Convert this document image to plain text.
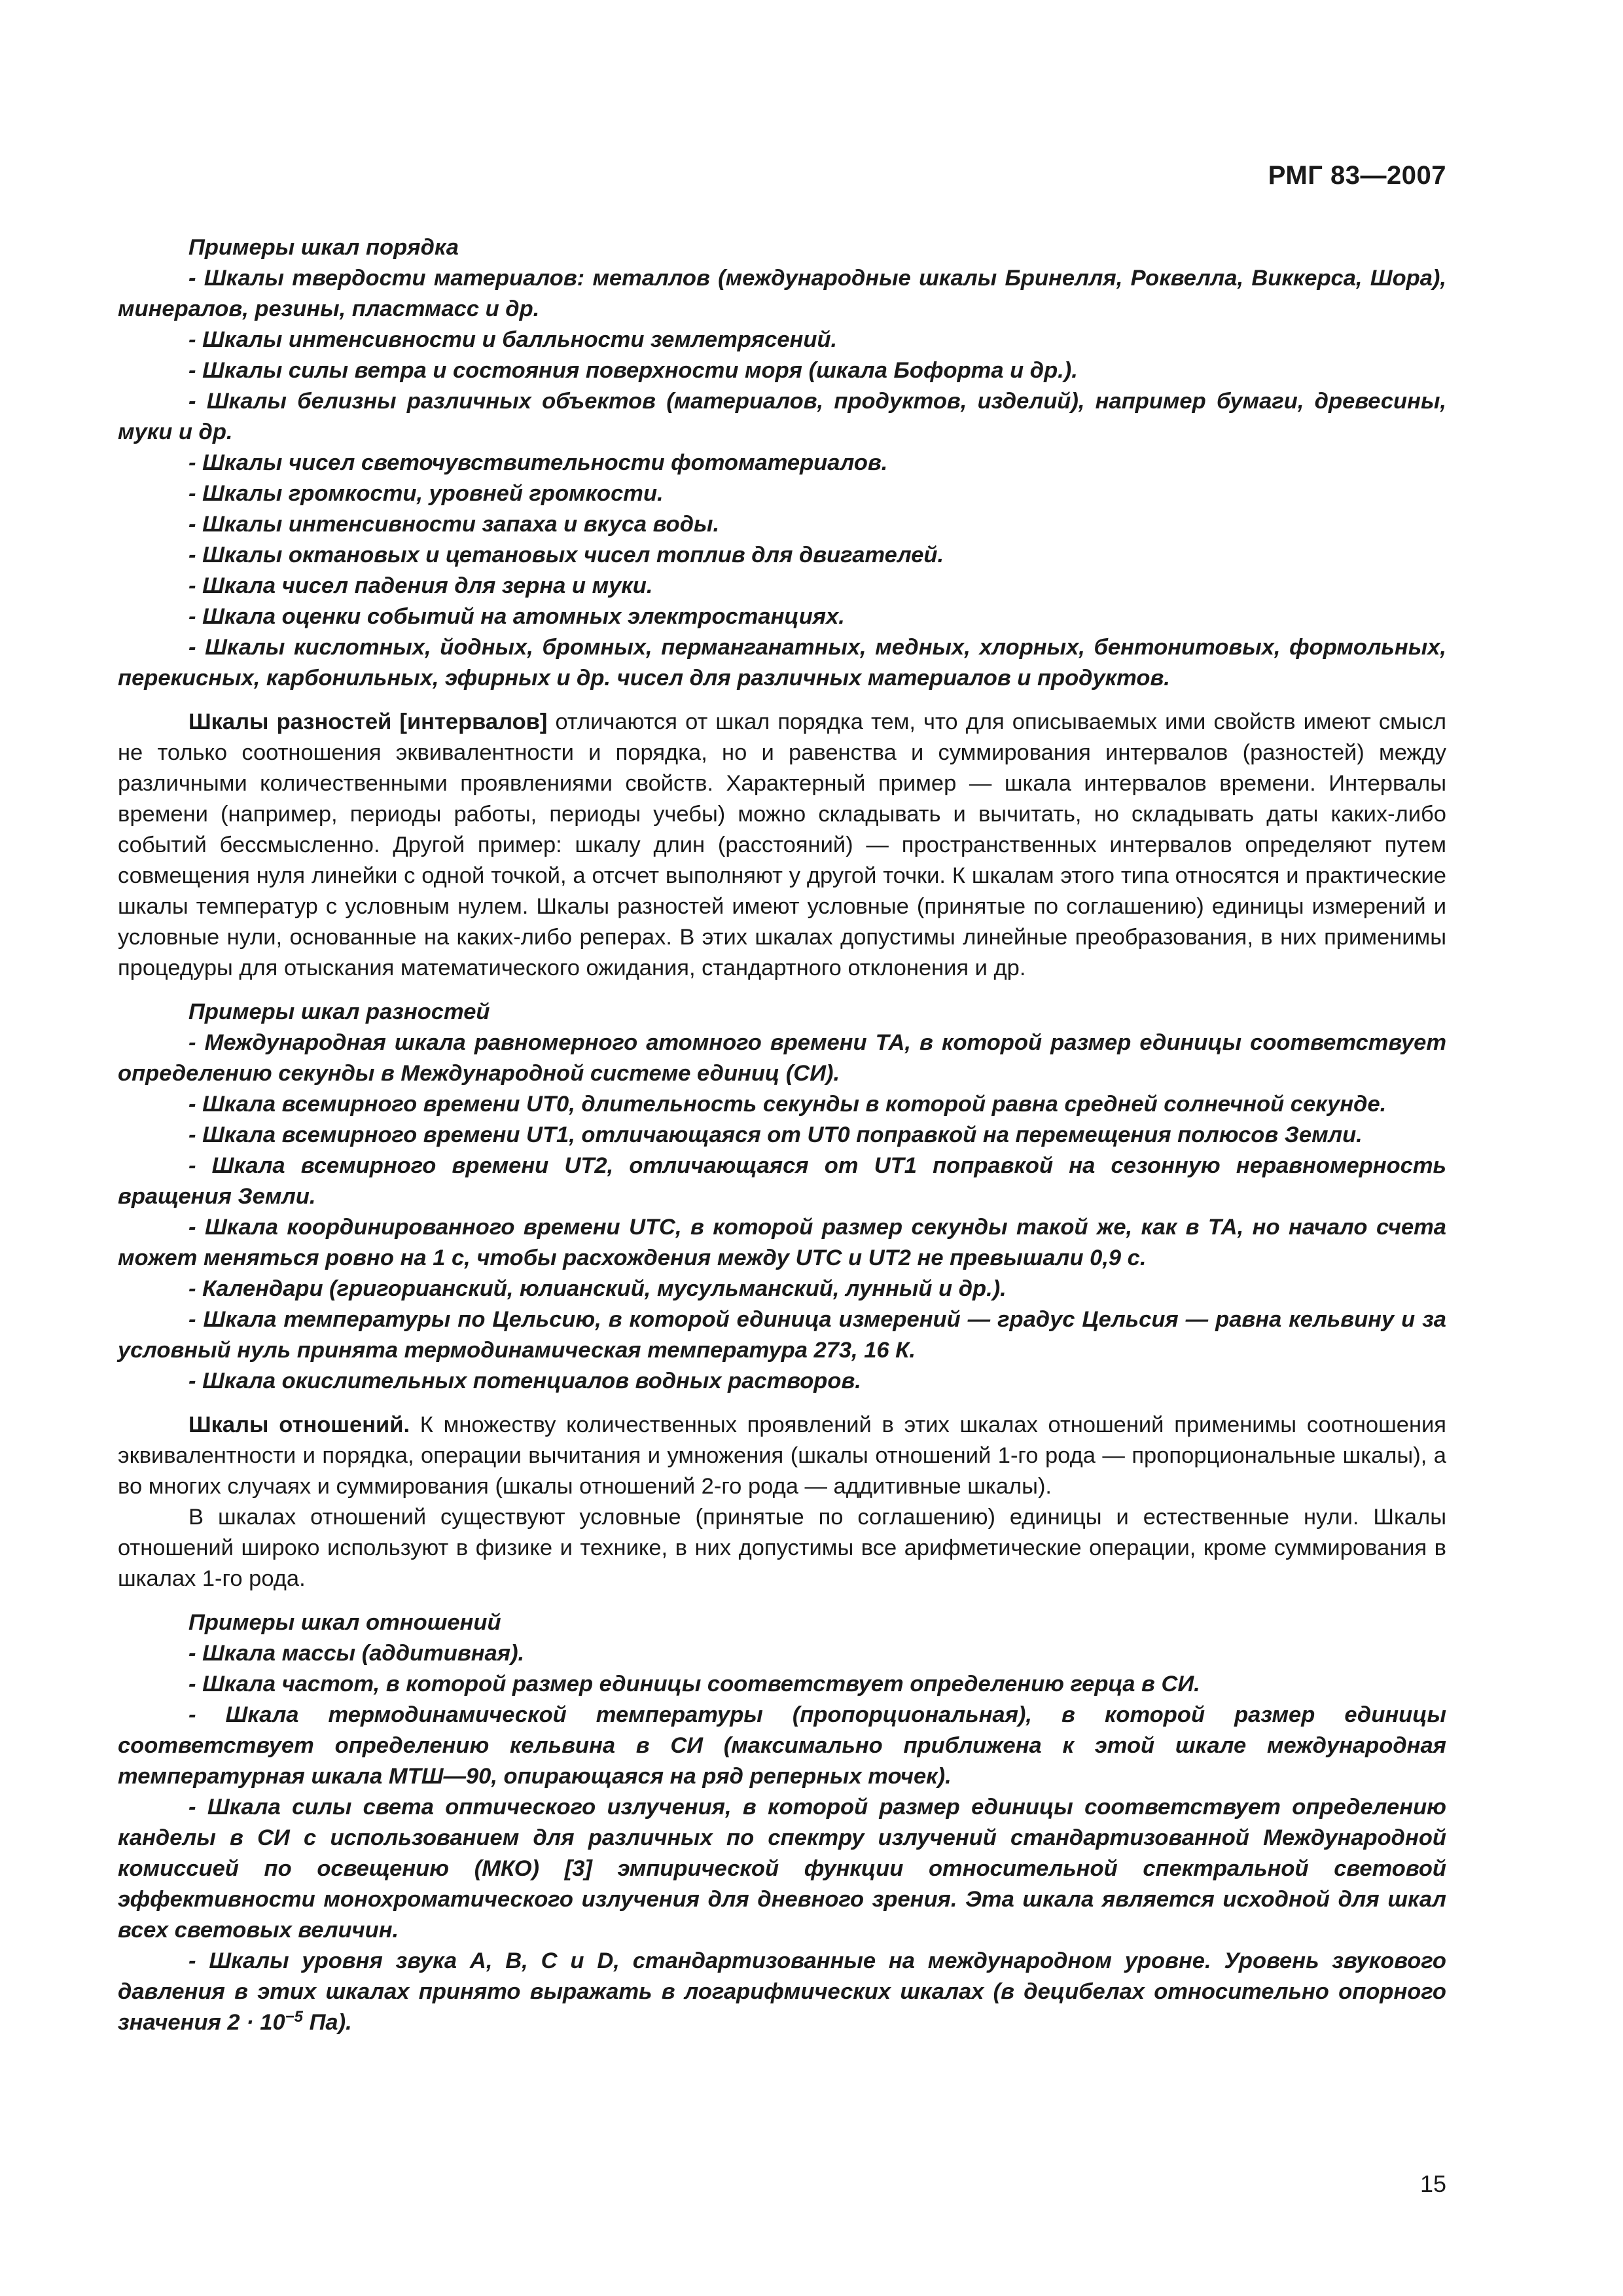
РМГ 83—2007

Примеры шкал порядка

- Шкалы твердости материалов: металлов (международные шкалы Бринелля, Роквелла, Виккерса, Шора), минералов, резины, пластмасс и др.

- Шкалы интенсивности и балльности землетрясений.

- Шкалы силы ветра и состояния поверхности моря (шкала Бофорта и др.).

- Шкалы белизны различных объектов (материалов, продуктов, изделий), например бумаги, древесины, муки и др.

- Шкалы чисел светочувствительности фотоматериалов.

- Шкалы громкости, уровней громкости.

- Шкалы интенсивности запаха и вкуса воды.

- Шкалы октановых и цетановых чисел топлив для двигателей.

- Шкала чисел падения для зерна и муки.

- Шкала оценки событий на атомных электростанциях.

- Шкалы кислотных, йодных, бромных, перманганатных, медных, хлорных, бентонитовых, формольных, перекисных, карбонильных, эфирных и др. чисел для различных материалов и продуктов.

Шкалы разностей [интервалов] отличаются от шкал порядка тем, что для описываемых ими свойств имеют смысл не только соотношения эквивалентности и порядка, но и равенства и суммирования интервалов (разностей) между различными количественными проявлениями свойств. Характерный пример — шкала интервалов времени. Интервалы времени (например, периоды работы, периоды учебы) можно складывать и вычитать, но складывать даты каких-либо событий бессмысленно. Другой пример: шкалу длин (расстояний) — пространственных интервалов определяют путем совмещения нуля линейки с одной точкой, а отсчет выполняют у другой точки. К шкалам этого типа относятся и практические шкалы температур с условным нулем. Шкалы разностей имеют условные (принятые по соглашению) единицы измерений и условные нули, основанные на каких-либо реперах. В этих шкалах допустимы линейные преобразования, в них применимы процедуры для отыскания математического ожидания, стандартного отклонения и др.

Примеры шкал разностей

- Международная шкала равномерного атомного времени ТА, в которой размер единицы соответствует определению секунды в Международной системе единиц (СИ).

- Шкала всемирного времени UT0, длительность секунды в которой равна средней солнечной секунде.

- Шкала всемирного времени UT1, отличающаяся от UT0 поправкой на перемещения полюсов Земли.

- Шкала всемирного времени UT2, отличающаяся от UT1 поправкой на сезонную неравномерность вращения Земли.

- Шкала координированного времени UTC, в которой размер секунды такой же, как в ТА, но начало счета может меняться ровно на 1 с, чтобы расхождения между UTC и UT2 не превышали 0,9 с.

- Календари (григорианский, юлианский, мусульманский, лунный и др.).

- Шкала температуры по Цельсию, в которой единица измерений — градус Цельсия — равна кельвину и за условный нуль принята термодинамическая температура 273, 16 К.

- Шкала окислительных потенциалов водных растворов.

Шкалы отношений. К множеству количественных проявлений в этих шкалах отношений применимы соотношения эквивалентности и порядка, операции вычитания и умножения (шкалы отношений 1-го рода — пропорциональные шкалы), а во многих случаях и суммирования (шкалы отношений 2-го рода — аддитивные шкалы).

В шкалах отношений существуют условные (принятые по соглашению) единицы и естественные нули. Шкалы отношений широко используют в физике и технике, в них допустимы все арифметические операции, кроме суммирования в шкалах 1-го рода.

Примеры шкал отношений

- Шкала массы (аддитивная).

- Шкала частот, в которой размер единицы соответствует определению герца в СИ.

- Шкала термодинамической температуры (пропорциональная), в которой размер единицы соответствует определению кельвина в СИ (максимально приближена к этой шкале международная температурная шкала МТШ—90, опирающаяся на ряд реперных точек).

- Шкала силы света оптического излучения, в которой размер единицы соответствует определению канделы в СИ с использованием для различных по спектру излучений стандартизованной Международной комиссией по освещению (МКО) [3] эмпирической функции относительной спектральной световой эффективности монохроматического излучения для дневного зрения. Эта шкала является исходной для шкал всех световых величин.

- Шкалы уровня звука А, В, С и D, стандартизованные на международном уровне. Уровень звукового давления в этих шкалах принято выражать в логарифмических шкалах (в децибелах относительно опорного значения $2 \cdot 10^{-5}$ Па).

15
